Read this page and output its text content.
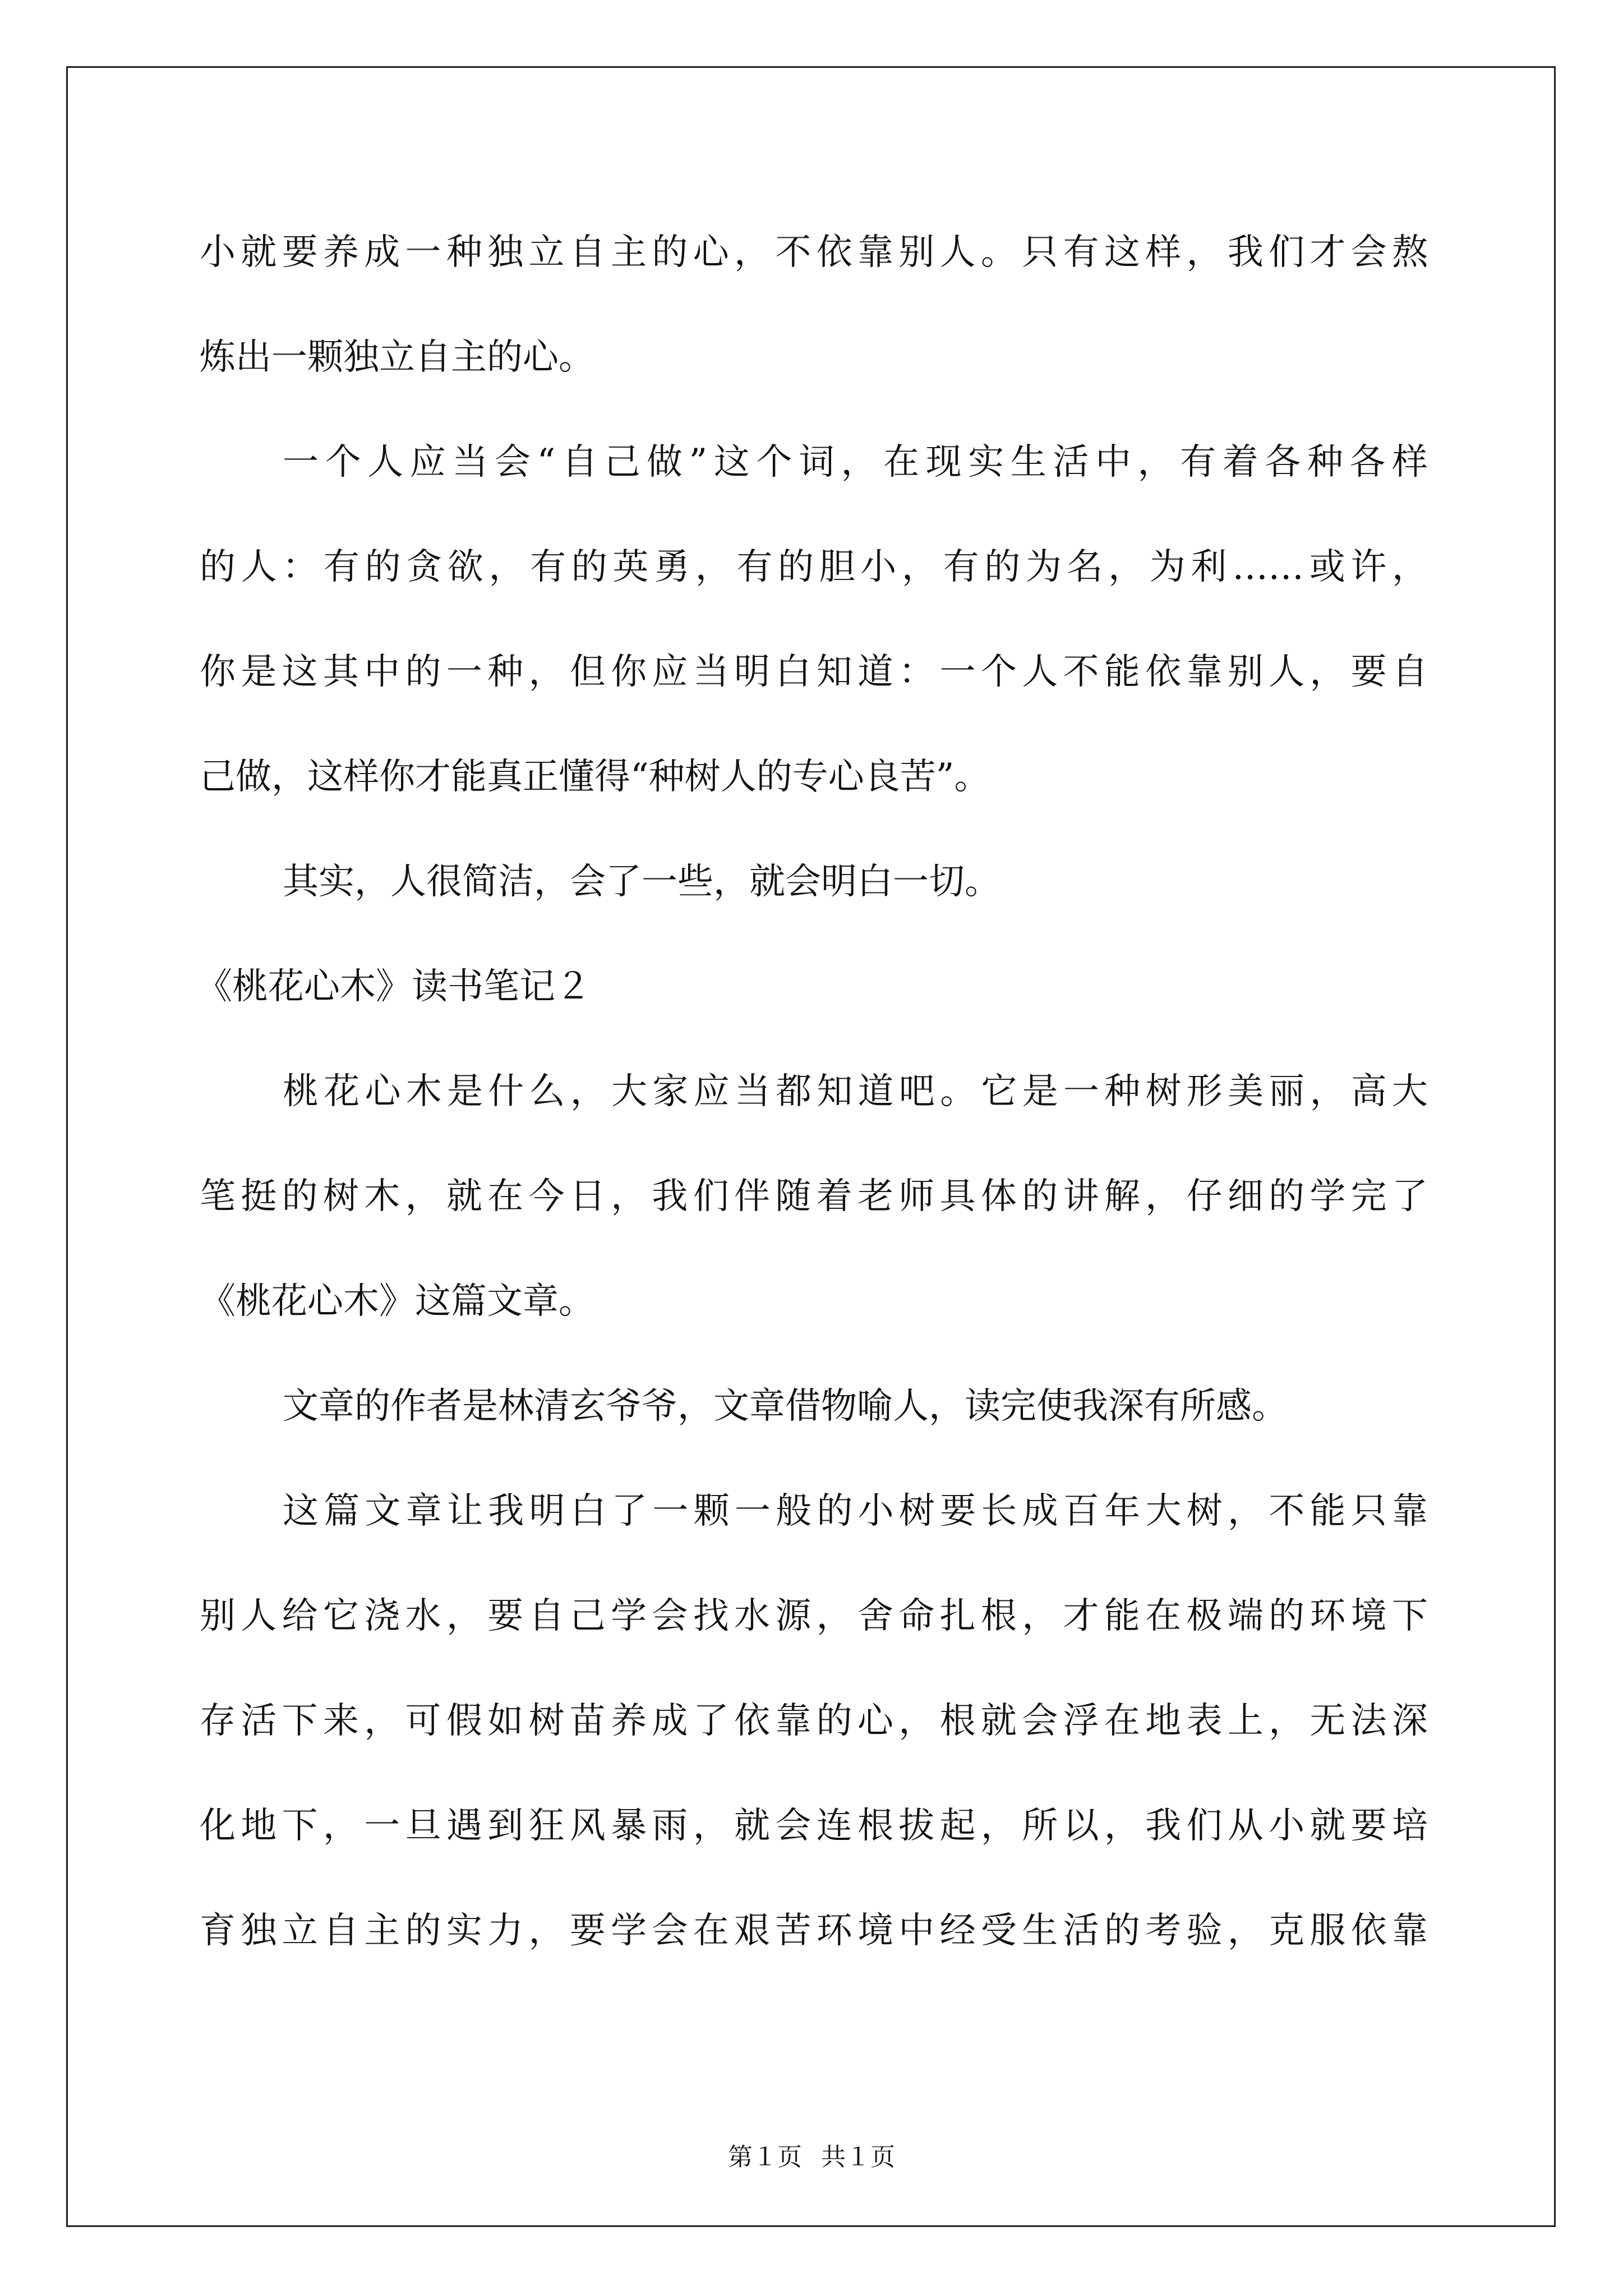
小就要养成一种独立自主的心，不依靠别人。只有这样，我们才会熬
炼出一颗独立自主的心。
一个人应当会“自己做”这个词，在现实生活中，有着各种各样
的人：有的贪欲，有的英勇，有的胆小，有的为名，为利……或许，
你是这其中的一种，但你应当明白知道：一个人不能依靠别人，要自
己做，这样你才能真正懂得“种树人的专心良苦”。
其实，人很简洁，会了一些，就会明白一切。
《桃花心木》读书笔记２
桃花心木是什么，大家应当都知道吧。它是一种树形美丽，高大
笔挺的树木，就在今日，我们伴随着老师具体的讲解，仔细的学完了
《桃花心木》这篇文章。
文章的作者是林清玄爷爷，文章借物喻人，读完使我深有所感。
这篇文章让我明白了一颗一般的小树要长成百年大树，不能只靠
别人给它浇水，要自己学会找水源，舍命扎根，才能在极端的环境下
存活下来，可假如树苗养成了依靠的心，根就会浮在地表上，无法深
化地下，一旦遇到狂风暴雨，就会连根拔起，所以，我们从小就要培
育独立自主的实力，要学会在艰苦环境中经受生活的考验，克服依靠
第１页 共１页
